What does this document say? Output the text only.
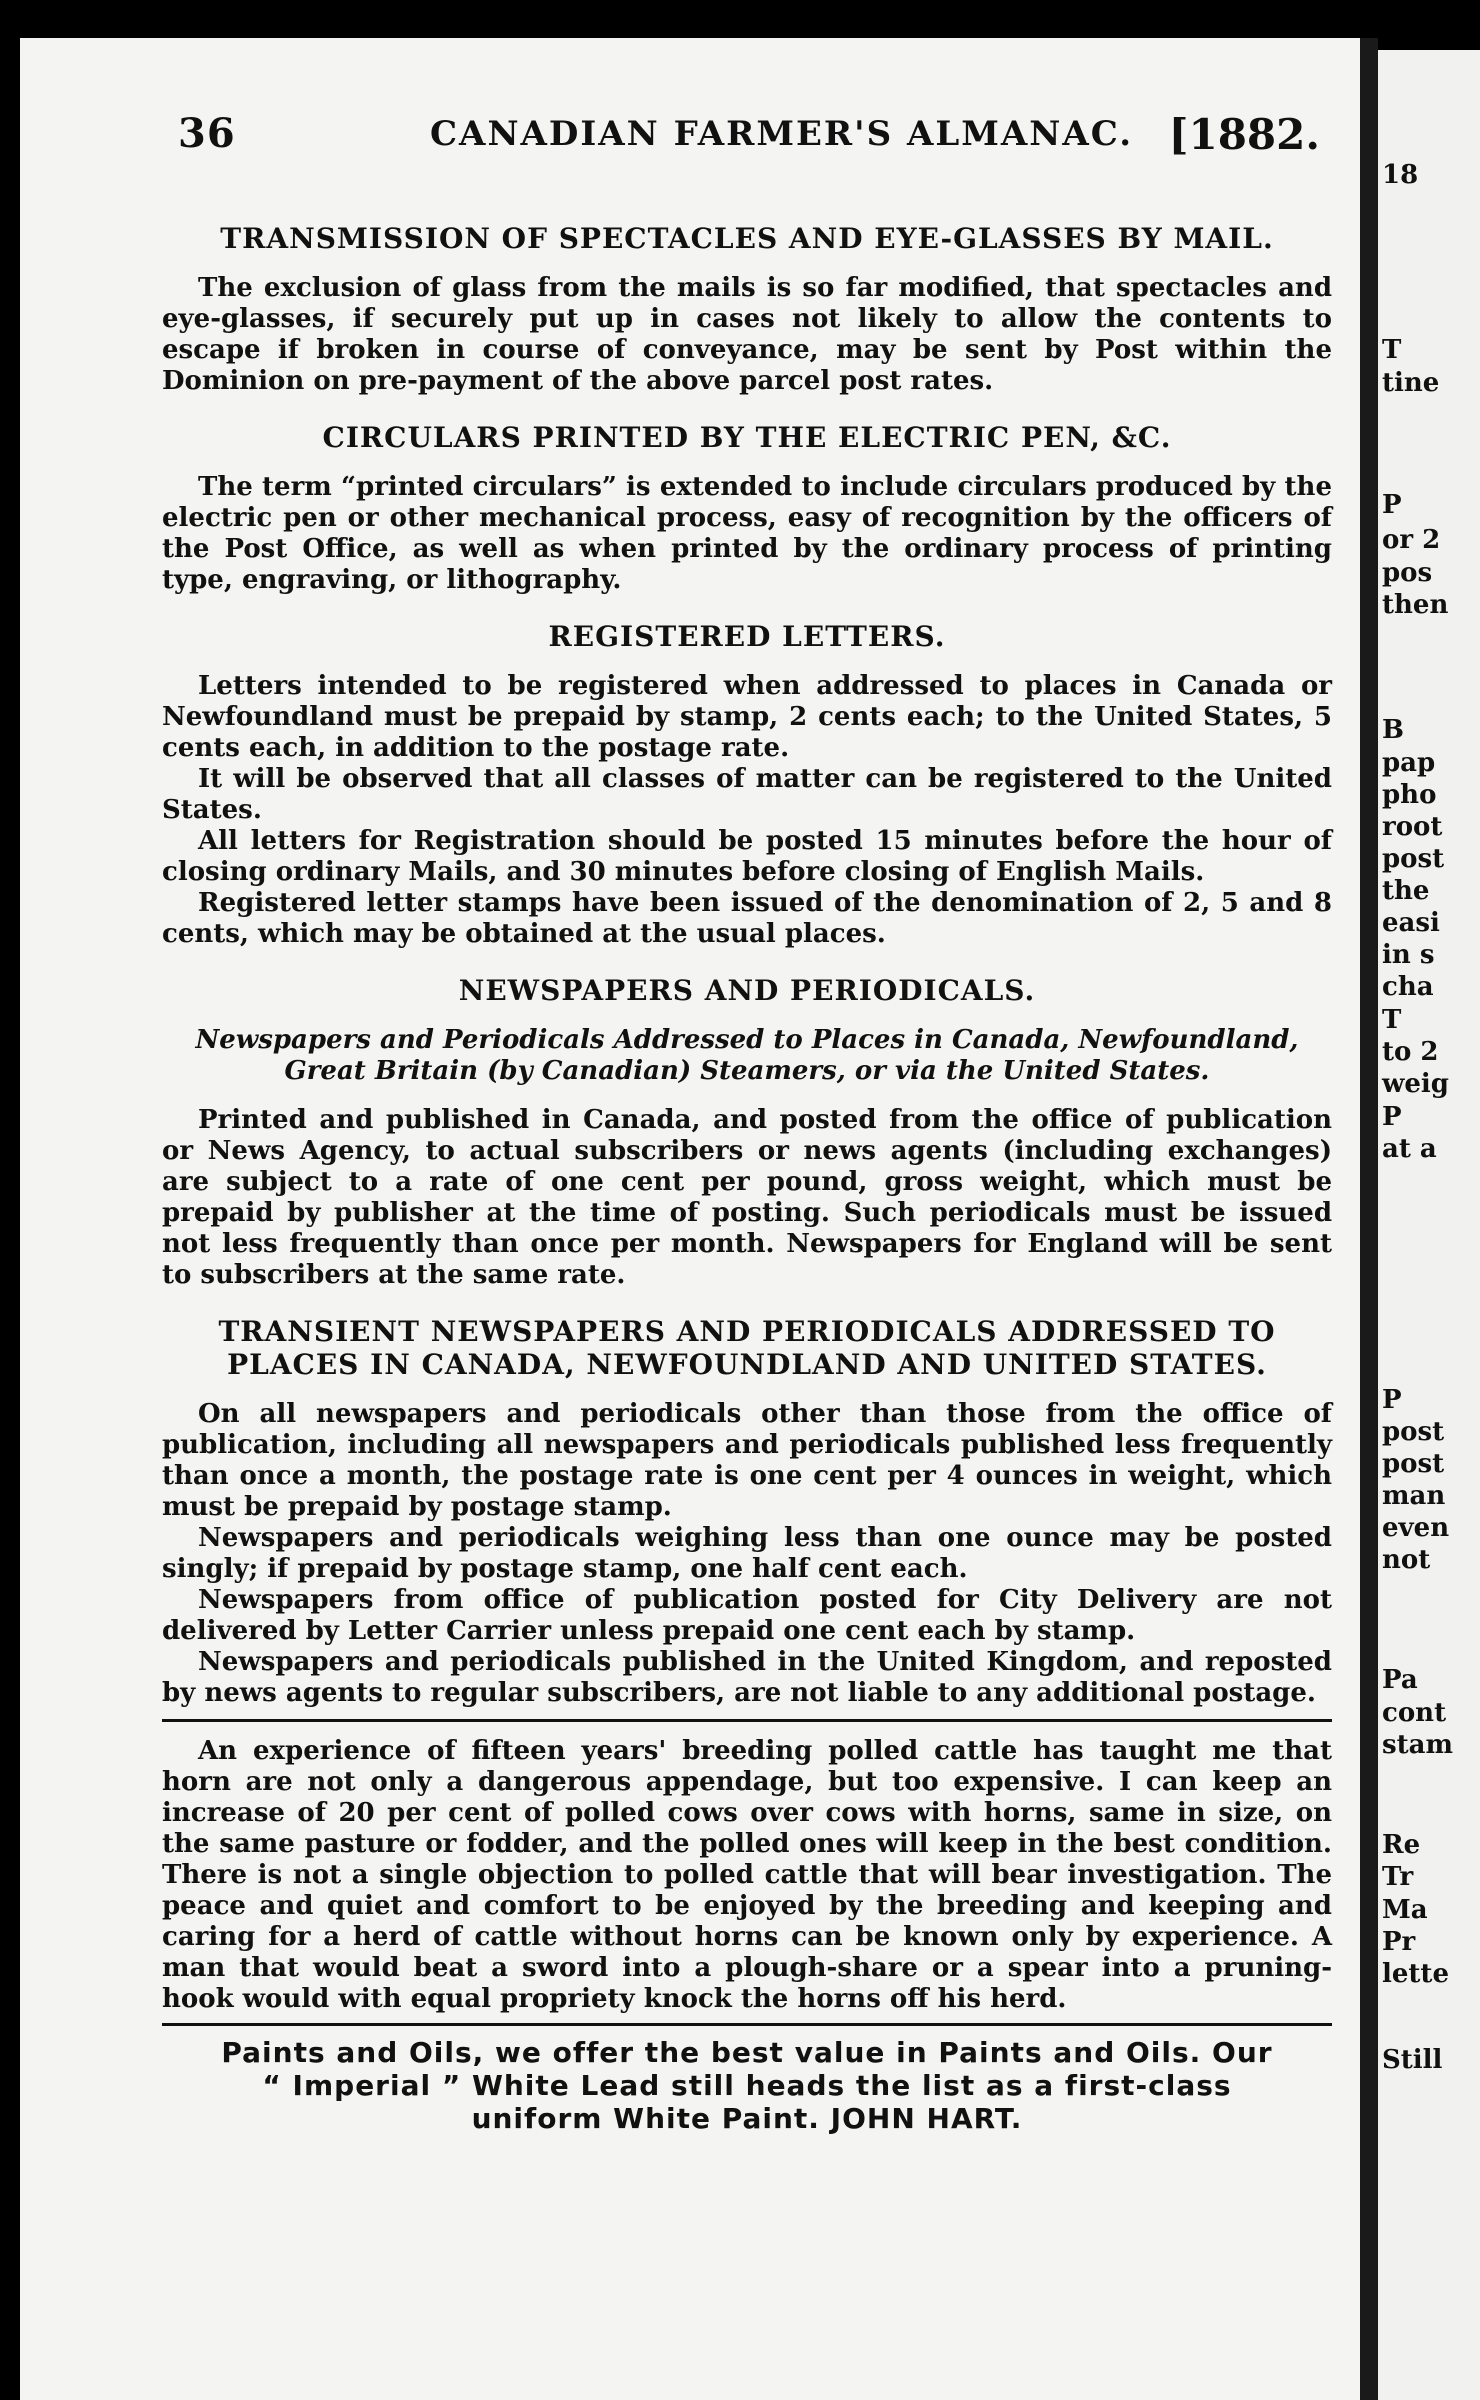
18
T
tine
P
or 2
pos
then
B
pap
pho
root
post
the
easi
in s
cha
T
to 2
weig
P
at a
P
post
post
man
even
not
Pa
cont
stam
Re
Tr
Ma
Pr
lette
Still
36	CANADIAN FARMER'S ALMANAC. [1882.
TRANSMISSION OF SPECTACLES AND EYE-GLASSES BY MAIL.

The exclusion of glass from the mails is so far modified, that spectacles and eye-glasses, if securely put up in cases not likely to allow the contents to escape if broken in course of conveyance, may be sent by Post within the Dominion on pre-payment of the above parcel post rates.

CIRCULARS PRINTED BY THE ELECTRIC PEN, &C.

The term “printed circulars” is extended to include circulars produced by the electric pen or other mechanical process, easy of recognition by the officers of the Post Office, as well as when printed by the ordinary process of printing type, engraving, or lithography.

REGISTERED LETTERS.

Letters intended to be registered when addressed to places in Canada or Newfoundland must be prepaid by stamp, 2 cents each; to the United States, 5 cents each, in addition to the postage rate.

It will be observed that all classes of matter can be registered to the United States.

All letters for Registration should be posted 15 minutes before the hour of closing ordinary Mails, and 30 minutes before closing of English Mails.

Registered letter stamps have been issued of the denomination of 2, 5 and 8 cents, which may be obtained at the usual places.

NEWSPAPERS AND PERIODICALS.

Newspapers and Periodicals Addressed to Places in Canada, Newfoundland, Great Britain (by Canadian) Steamers, or via the United States.

Printed and published in Canada, and posted from the office of publication or News Agency, to actual subscribers or news agents (including exchanges) are subject to a rate of one cent per pound, gross weight, which must be prepaid by publisher at the time of posting. Such periodicals must be issued not less frequently than once per month. Newspapers for England will be sent to subscribers at the same rate.

TRANSIENT NEWSPAPERS AND PERIODICALS ADDRESSED TO PLACES IN CANADA, NEWFOUNDLAND AND UNITED STATES.

On all newspapers and periodicals other than those from the office of publication, including all newspapers and periodicals published less frequently than once a month, the postage rate is one cent per 4 ounces in weight, which must be prepaid by postage stamp.

Newspapers and periodicals weighing less than one ounce may be posted singly; if prepaid by postage stamp, one half cent each.

Newspapers from office of publication posted for City Delivery are not delivered by Letter Carrier unless prepaid one cent each by stamp.

Newspapers and periodicals published in the United Kingdom, and reposted by news agents to regular subscribers, are not liable to any additional postage.

An experience of fifteen years' breeding polled cattle has taught me that horn are not only a dangerous appendage, but too expensive. I can keep an increase of 20 per cent of polled cows over cows with horns, same in size, on the same pasture or fodder, and the polled ones will keep in the best condition. There is not a single objection to polled cattle that will bear investigation. The peace and quiet and comfort to be enjoyed by the breeding and keeping and caring for a herd of cattle without horns can be known only by experience. A man that would beat a sword into a plough-share or a spear into a pruning-hook would with equal propriety knock the horns off his herd.

Paints and Oils, we offer the best value in Paints and Oils. Our
“ Imperial ” White Lead still heads the list as a first-class
uniform White Paint. JOHN HART.
